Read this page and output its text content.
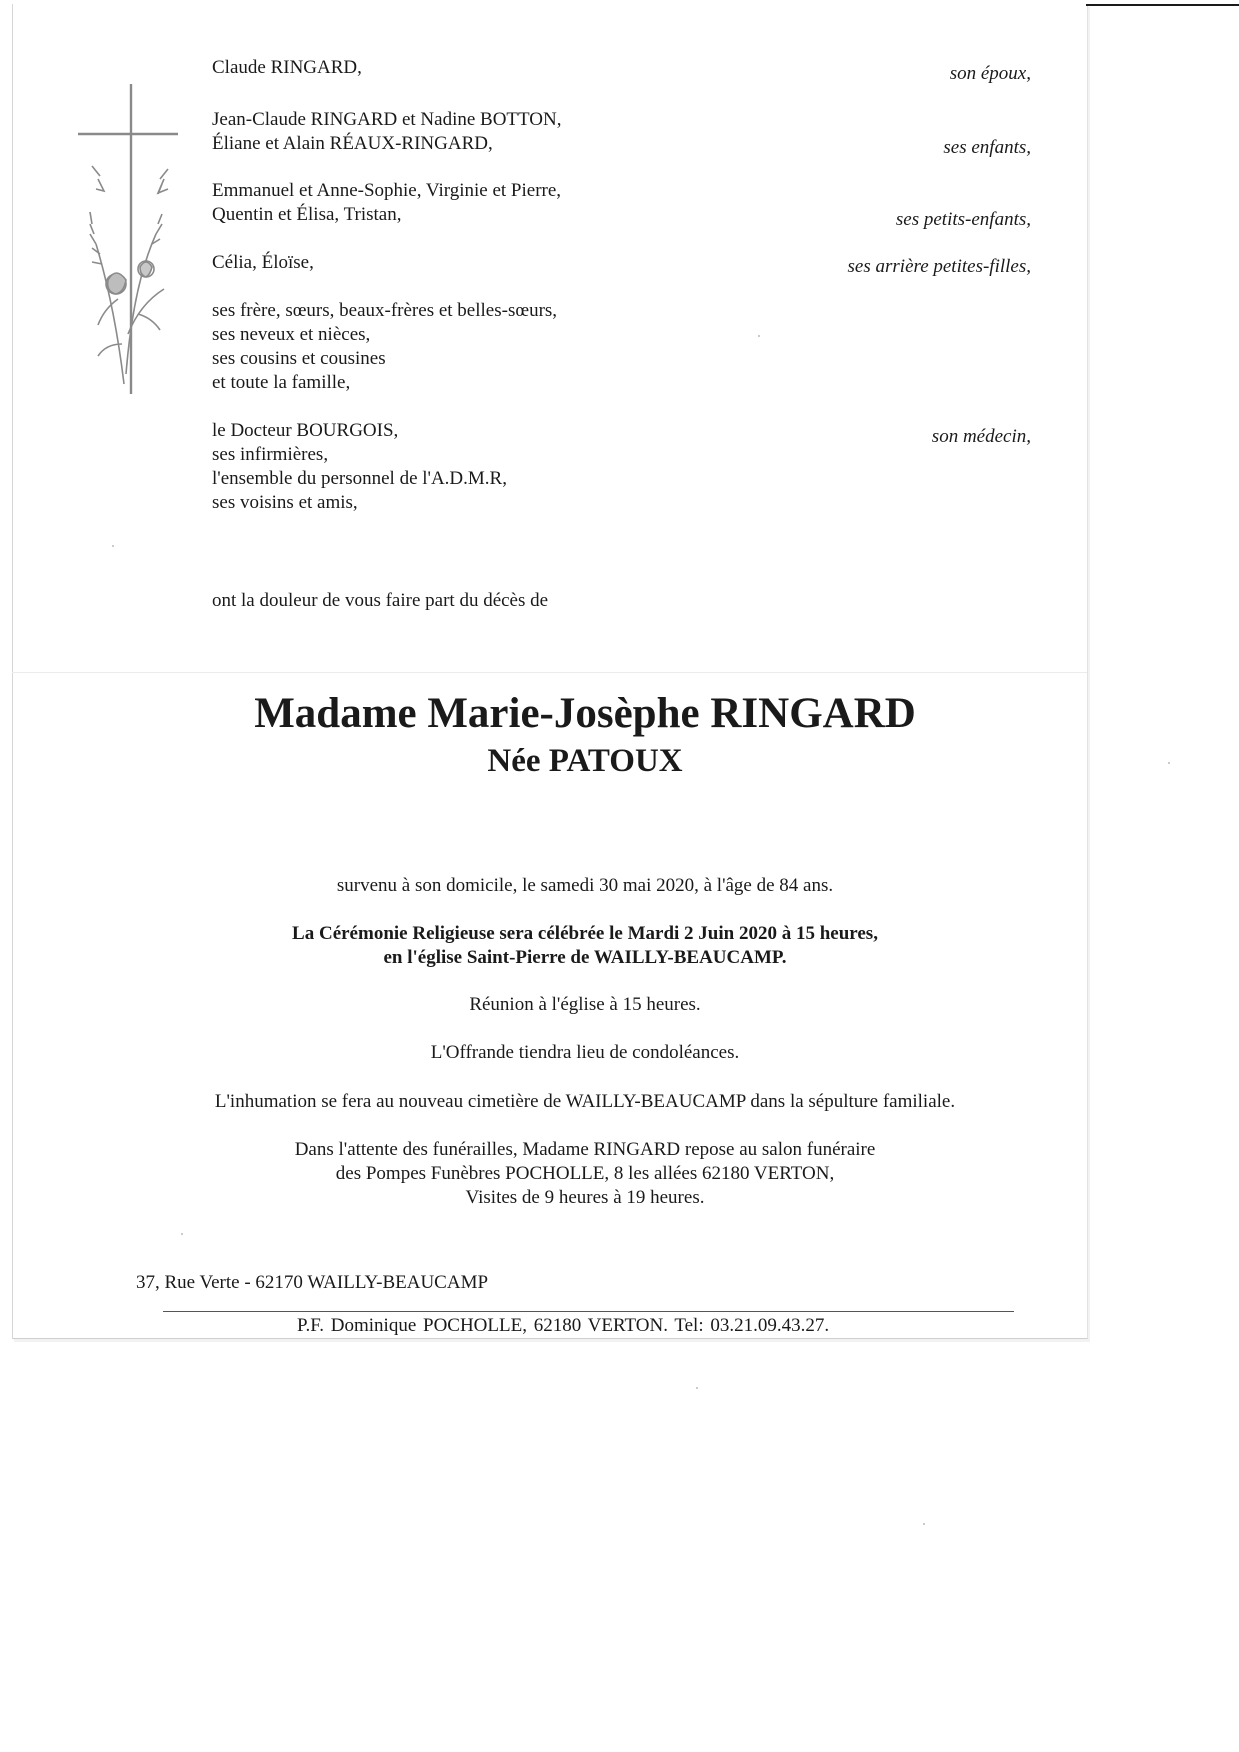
Claude RINGARD,	son époux,
Jean-Claude RINGARD et Nadine BOTTON,
Éliane et Alain RÉAUX-RINGARD,	ses enfants,
Emmanuel et Anne-Sophie, Virginie et Pierre,
Quentin et Élisa, Tristan,	ses petits-enfants,
Célia, Éloïse,	ses arrière petites-filles,
ses frère, sœurs, beaux-frères et belles-sœurs,
ses neveux et nièces,
ses cousins et cousines
et toute la famille,
le Docteur BOURGOIS,	son médecin,
ses infirmières,
l'ensemble du personnel de l'A.D.M.R,
ses voisins et amis,
ont la douleur de vous faire part du décès de
Madame Marie-Josèphe RINGARD
Née PATOUX
survenu à son domicile, le samedi 30 mai 2020, à l'âge de 84 ans.
La Cérémonie Religieuse sera célébrée le Mardi 2 Juin 2020 à 15 heures,
en l'église Saint-Pierre de WAILLY-BEAUCAMP.
Réunion à l'église à 15 heures.
L'Offrande tiendra lieu de condoléances.
L'inhumation se fera au nouveau cimetière de WAILLY-BEAUCAMP dans la sépulture familiale.
Dans l'attente des funérailles, Madame RINGARD repose au salon funéraire
des Pompes Funèbres POCHOLLE, 8 les allées 62180 VERTON,
Visites de 9 heures à 19 heures.
37, Rue Verte - 62170 WAILLY-BEAUCAMP
P.F. Dominique POCHOLLE, 62180 VERTON. Tel: 03.21.09.43.27.
